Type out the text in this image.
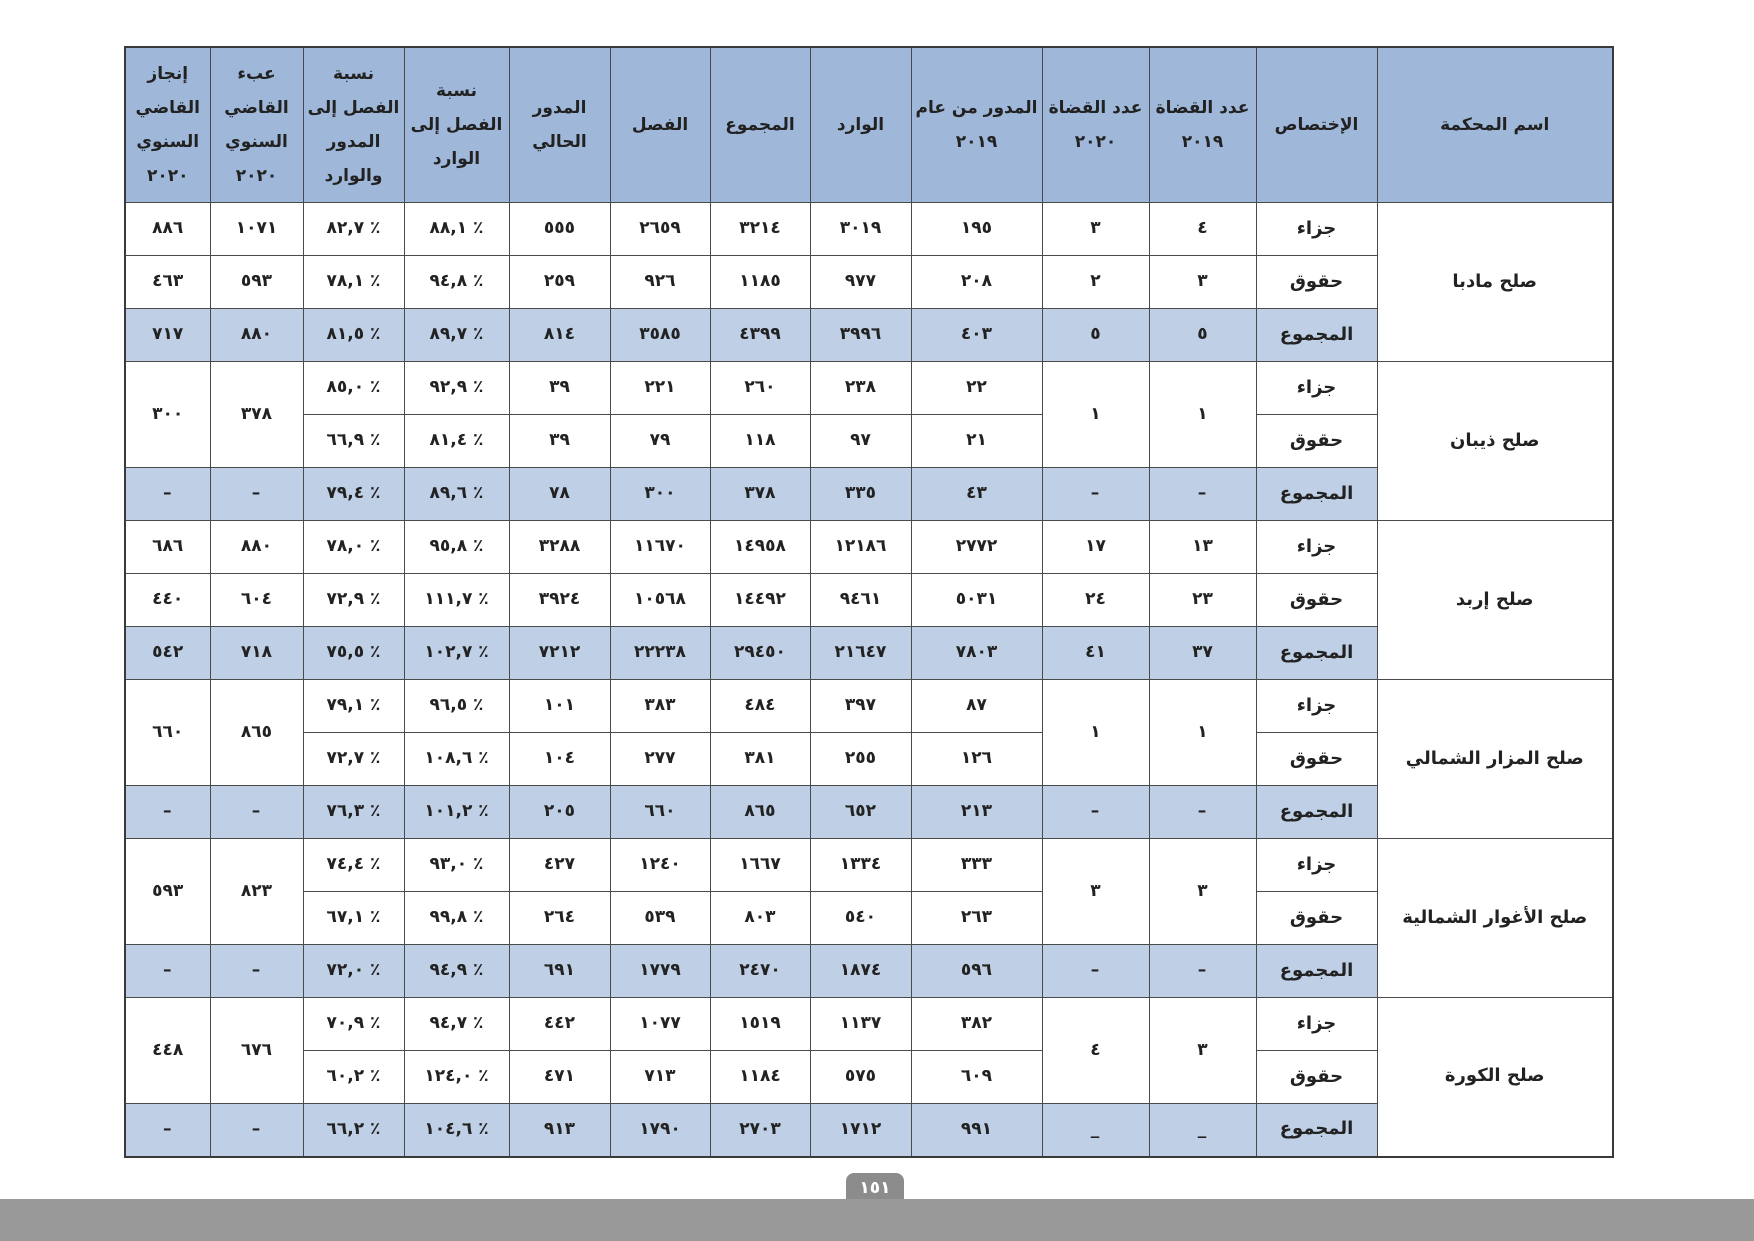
اسم المحكمة	الإختصاص	عدد القضاة ٢٠١٩	عدد القضاة ٢٠٢٠	المدور من عام ٢٠١٩	الوارد	المجموع	الفصل	المدور الحالي	نسبة الفصل إلى الوارد	نسبة الفصل إلى المدور والوارد	عبء القاضي السنوي ٢٠٢٠	إنجاز القاضي السنوي ٢٠٢٠
صلح مادبا	جزاء	٤	٣	١٩٥	٣٠١٩	٣٢١٤	٢٦٥٩	٥٥٥	٪ ٨٨,١	٪ ٨٢,٧	١٠٧١	٨٨٦
	حقوق	٣	٢	٢٠٨	٩٧٧	١١٨٥	٩٢٦	٢٥٩	٪ ٩٤,٨	٪ ٧٨,١	٥٩٣	٤٦٣
	المجموع	٥	٥	٤٠٣	٣٩٩٦	٤٣٩٩	٣٥٨٥	٨١٤	٪ ٨٩,٧	٪ ٨١,٥	٨٨٠	٧١٧
صلح ذيبان	جزاء	١	١	٢٢	٢٣٨	٢٦٠	٢٢١	٣٩	٪ ٩٢,٩	٪ ٨٥,٠	٣٧٨	٣٠٠
	حقوق			٢١	٩٧	١١٨	٧٩	٣٩	٪ ٨١,٤	٪ ٦٦,٩		
	المجموع	–	–	٤٣	٣٣٥	٣٧٨	٣٠٠	٧٨	٪ ٨٩,٦	٪ ٧٩,٤	–	–
صلح إربد	جزاء	١٣	١٧	٢٧٧٢	١٢١٨٦	١٤٩٥٨	١١٦٧٠	٣٢٨٨	٪ ٩٥,٨	٪ ٧٨,٠	٨٨٠	٦٨٦
	حقوق	٢٣	٢٤	٥٠٣١	٩٤٦١	١٤٤٩٢	١٠٥٦٨	٣٩٢٤	٪ ١١١,٧	٪ ٧٢,٩	٦٠٤	٤٤٠
	المجموع	٣٧	٤١	٧٨٠٣	٢١٦٤٧	٢٩٤٥٠	٢٢٢٣٨	٧٢١٢	٪ ١٠٢,٧	٪ ٧٥,٥	٧١٨	٥٤٢
صلح المزار الشمالي	جزاء	١	١	٨٧	٣٩٧	٤٨٤	٣٨٣	١٠١	٪ ٩٦,٥	٪ ٧٩,١	٨٦٥	٦٦٠
	حقوق			١٢٦	٢٥٥	٣٨١	٢٧٧	١٠٤	٪ ١٠٨,٦	٪ ٧٢,٧		
	المجموع	–	–	٢١٣	٦٥٢	٨٦٥	٦٦٠	٢٠٥	٪ ١٠١,٢	٪ ٧٦,٣	–	–
صلح الأغوار الشمالية	جزاء	٣	٣	٣٣٣	١٣٣٤	١٦٦٧	١٢٤٠	٤٢٧	٪ ٩٣,٠	٪ ٧٤,٤	٨٢٣	٥٩٣
	حقوق			٢٦٣	٥٤٠	٨٠٣	٥٣٩	٢٦٤	٪ ٩٩,٨	٪ ٦٧,١		
	المجموع	–	–	٥٩٦	١٨٧٤	٢٤٧٠	١٧٧٩	٦٩١	٪ ٩٤,٩	٪ ٧٢,٠	–	–
صلح الكورة	جزاء	٣	٤	٣٨٢	١١٣٧	١٥١٩	١٠٧٧	٤٤٢	٪ ٩٤,٧	٪ ٧٠,٩	٦٧٦	٤٤٨
	حقوق			٦٠٩	٥٧٥	١١٨٤	٧١٣	٤٧١	٪ ١٢٤,٠	٪ ٦٠,٢		
	المجموع	_	_	٩٩١	١٧١٢	٢٧٠٣	١٧٩٠	٩١٣	٪ ١٠٤,٦	٪ ٦٦,٢	–	–
١٥١
